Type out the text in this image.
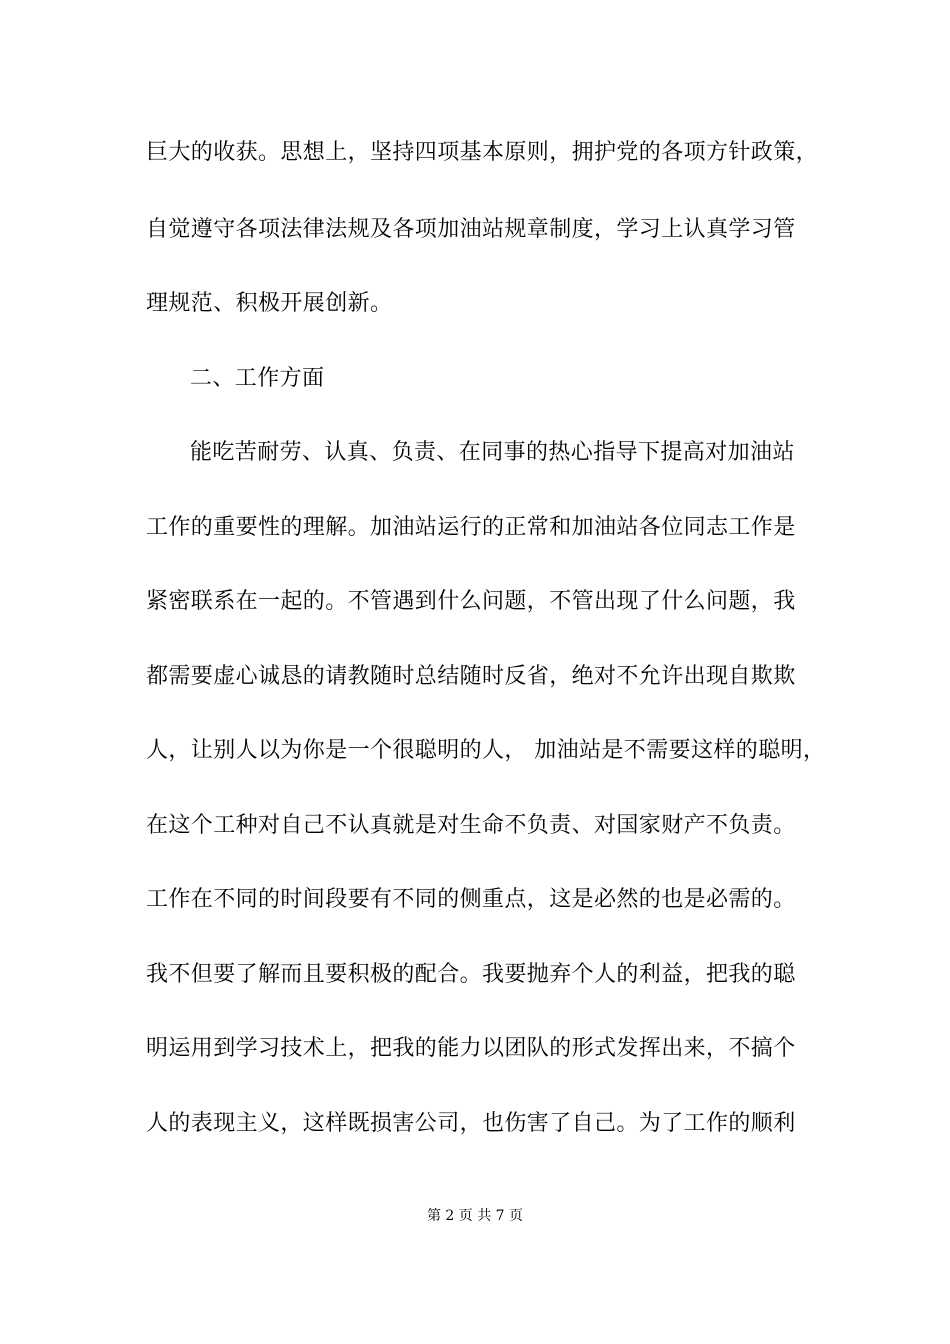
巨大的收获。思想上，坚持四项基本原则，拥护党的各项方针政策，
自觉遵守各项法律法规及各项加油站规章制度，学习上认真学习管
理规范、积极开展创新。
二、工作方面
能吃苦耐劳、认真、负责、在同事的热心指导下提高对加油站
工作的重要性的理解。加油站运行的正常和加油站各位同志工作是
紧密联系在一起的。不管遇到什么问题，不管出现了什么问题，我
都需要虚心诚恳的请教随时总结随时反省，绝对不允许出现自欺欺
人，让别人以为你是一个很聪明的人， 加油站是不需要这样的聪明，
在这个工种对自己不认真就是对生命不负责、对国家财产不负责。
工作在不同的时间段要有不同的侧重点，这是必然的也是必需的。
我不但要了解而且要积极的配合。我要抛弃个人的利益，把我的聪
明运用到学习技术上，把我的能力以团队的形式发挥出来，不搞个
人的表现主义，这样既损害公司，也伤害了自己。为了工作的顺利
第 2 页 共 7 页
